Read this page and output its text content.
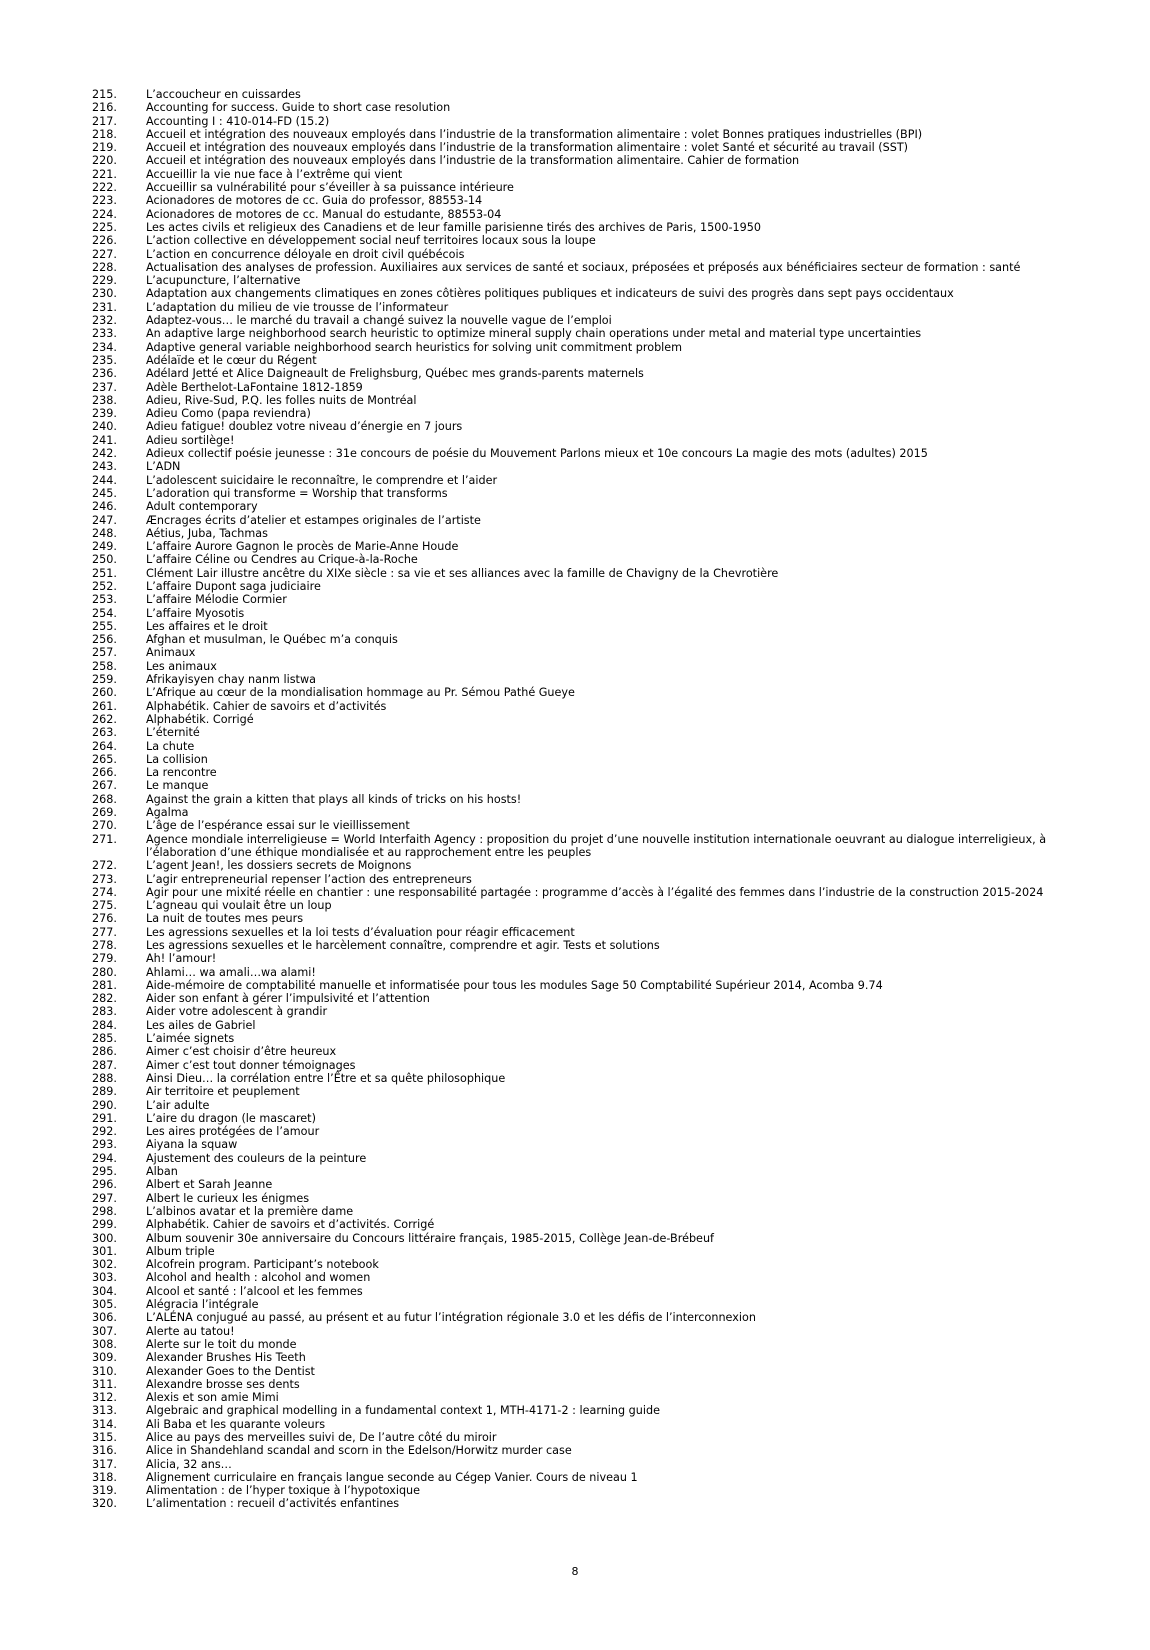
215.	L’accoucheur en cuissardes
216.	Accounting for success. Guide to short case resolution
217.	Accounting I : 410-014-FD (15.2)
218.	Accueil et intégration des nouveaux employés dans l’industrie de la transformation alimentaire : volet Bonnes pratiques industrielles (BPI)
219.	Accueil et intégration des nouveaux employés dans l’industrie de la transformation alimentaire : volet Santé et sécurité au travail (SST)
220.	Accueil et intégration des nouveaux employés dans l’industrie de la transformation alimentaire. Cahier de formation
221.	Accueillir la vie nue face à l’extrême qui vient
222.	Accueillir sa vulnérabilité pour s’éveiller à sa puissance intérieure
223.	Acionadores de motores de cc. Guia do professor, 88553-14
224.	Acionadores de motores de cc. Manual do estudante, 88553-04
225.	Les actes civils et religieux des Canadiens et de leur famille parisienne tirés des archives de Paris, 1500-1950
226.	L’action collective en développement social neuf territoires locaux sous la loupe
227.	L’action en concurrence déloyale en droit civil québécois
228.	Actualisation des analyses de profession. Auxiliaires aux services de santé et sociaux, préposées et préposés aux bénéficiaires secteur de formation : santé
229.	L’acupuncture, l’alternative
230.	Adaptation aux changements climatiques en zones côtières politiques publiques et indicateurs de suivi des progrès dans sept pays occidentaux
231.	L’adaptation du milieu de vie trousse de l’informateur
232.	Adaptez-vous… le marché du travail a changé suivez la nouvelle vague de l’emploi
233.	An adaptive large neighborhood search heuristic to optimize mineral supply chain operations under metal and material type uncertainties
234.	Adaptive general variable neighborhood search heuristics for solving unit commitment problem
235.	Adélaïde et le cœur du Régent
236.	Adélard Jetté et Alice Daigneault de Frelighsburg, Québec mes grands-parents maternels
237.	Adèle Berthelot-LaFontaine 1812-1859
238.	Adieu, Rive-Sud, P.Q. les folles nuits de Montréal
239.	Adieu Como (papa reviendra)
240.	Adieu fatigue! doublez votre niveau d’énergie en 7 jours
241.	Adieu sortilège!
242.	Adieux collectif poésie jeunesse : 31e concours de poésie du Mouvement Parlons mieux et 10e concours La magie des mots (adultes) 2015
243.	L’ADN
244.	L’adolescent suicidaire le reconnaître, le comprendre et l’aider
245.	L’adoration qui transforme = Worship that transforms
246.	Adult contemporary
247.	Æncrages écrits d’atelier et estampes originales de l’artiste
248.	Aétius, Juba, Tachmas
249.	L’affaire Aurore Gagnon le procès de Marie-Anne Houde
250.	L’affaire Céline ou Cendres au Crique-à-la-Roche
251.	Clément Lair illustre ancêtre du XIXe siècle : sa vie et ses alliances avec la famille de Chavigny de la Chevrotière
252.	L’affaire Dupont saga judiciaire
253.	L’affaire Mélodie Cormier
254.	L’affaire Myosotis
255.	Les affaires et le droit
256.	Afghan et musulman, le Québec m’a conquis
257.	Animaux
258.	Les animaux
259.	Afrikayisyen chay nanm listwa
260.	L’Afrique au cœur de la mondialisation hommage au Pr. Sémou Pathé Gueye
261.	Alphabétik. Cahier de savoirs et d’activités
262.	Alphabétik. Corrigé
263.	L’éternité
264.	La chute
265.	La collision
266.	La rencontre
267.	Le manque
268.	Against the grain a kitten that plays all kinds of tricks on his hosts!
269.	Agalma
270.	L’âge de l’espérance essai sur le vieillissement
271.	Agence mondiale interreligieuse = World Interfaith Agency : proposition du projet d’une nouvelle institution internationale oeuvrant au dialogue interreligieux, à l’élaboration d’une éthique mondialisée et au rapprochement entre les peuples
272.	L’agent Jean!, les dossiers secrets de Moignons
273.	L’agir entrepreneurial repenser l’action des entrepreneurs
274.	Agir pour une mixité réelle en chantier : une responsabilité partagée : programme d’accès à l’égalité des femmes dans l’industrie de la construction 2015-2024
275.	L’agneau qui voulait être un loup
276.	La nuit de toutes mes peurs
277.	Les agressions sexuelles et la loi tests d’évaluation pour réagir efficacement
278.	Les agressions sexuelles et le harcèlement connaître, comprendre et agir. Tests et solutions
279.	Ah! l’amour!
280.	Ahlami… wa amali…wa alami!
281.	Aide-mémoire de comptabilité manuelle et informatisée pour tous les modules Sage 50 Comptabilité Supérieur 2014, Acomba 9.74
282.	Aider son enfant à gérer l’impulsivité et l’attention
283.	Aider votre adolescent à grandir
284.	Les ailes de Gabriel
285.	L’aimée signets
286.	Aimer c’est choisir d’être heureux
287.	Aimer c’est tout donner témoignages
288.	Ainsi Dieu… la corrélation entre l’Être et sa quête philosophique
289.	Air territoire et peuplement
290.	L’air adulte
291.	L’aire du dragon (le mascaret)
292.	Les aires protégées de l’amour
293.	Aiyana la squaw
294.	Ajustement des couleurs de la peinture
295.	Alban
296.	Albert et Sarah Jeanne
297.	Albert le curieux les énigmes
298.	L’albinos avatar et la première dame
299.	Alphabétik. Cahier de savoirs et d’activités. Corrigé
300.	Album souvenir 30e anniversaire du Concours littéraire français, 1985-2015, Collège Jean-de-Brébeuf
301.	Album triple
302.	Alcofrein program. Participant’s notebook
303.	Alcohol and health : alcohol and women
304.	Alcool et santé : l’alcool et les femmes
305.	Alégracia l’intégrale
306.	L’ALÉNA conjugué au passé, au présent et au futur l’intégration régionale 3.0 et les défis de l’interconnexion
307.	Alerte au tatou!
308.	Alerte sur le toit du monde
309.	Alexander Brushes His Teeth
310.	Alexander Goes to the Dentist
311.	Alexandre brosse ses dents
312.	Alexis et son amie Mimi
313.	Algebraic and graphical modelling in a fundamental context 1, MTH-4171-2 : learning guide
314.	Ali Baba et les quarante voleurs
315.	Alice au pays des merveilles suivi de, De l’autre côté du miroir
316.	Alice in Shandehland scandal and scorn in the Edelson/Horwitz murder case
317.	Alicia, 32 ans…
318.	Alignement curriculaire en français langue seconde au Cégep Vanier. Cours de niveau 1
319.	Alimentation : de l’hyper toxique à l’hypotoxique
320.	L’alimentation : recueil d’activités enfantines
8
